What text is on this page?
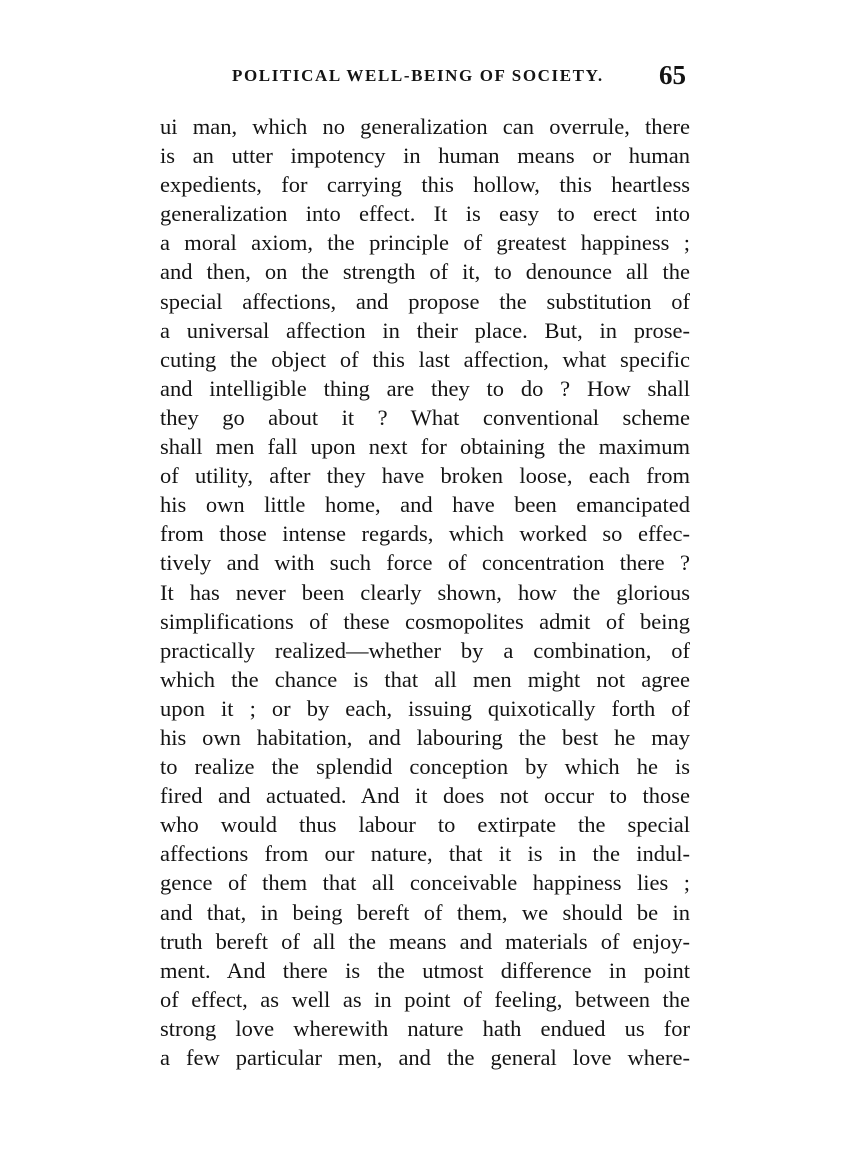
POLITICAL WELL-BEING OF SOCIETY. 65
ui man, which no generalization can overrule, there
is an utter impotency in human means or human
expedients, for carrying this hollow, this heartless
generalization into effect. It is easy to erect into
a moral axiom, the principle of greatest happiness ;
and then, on the strength of it, to denounce all the
special affections, and propose the substitution of
a universal affection in their place. But, in prose-
cuting the object of this last affection, what specific
and intelligible thing are they to do ? How shall
they go about it ? What conventional scheme
shall men fall upon next for obtaining the maximum
of utility, after they have broken loose, each from
his own little home, and have been emancipated
from those intense regards, which worked so effec-
tively and with such force of concentration there ?
It has never been clearly shown, how the glorious
simplifications of these cosmopolites admit of being
practically realized—whether by a combination, of
which the chance is that all men might not agree
upon it ; or by each, issuing quixotically forth of
his own habitation, and labouring the best he may
to realize the splendid conception by which he is
fired and actuated. And it does not occur to those
who would thus labour to extirpate the special
affections from our nature, that it is in the indul-
gence of them that all conceivable happiness lies ;
and that, in being bereft of them, we should be in
truth bereft of all the means and materials of enjoy-
ment. And there is the utmost difference in point
of effect, as well as in point of feeling, between the
strong love wherewith nature hath endued us for
a few particular men, and the general love where-
